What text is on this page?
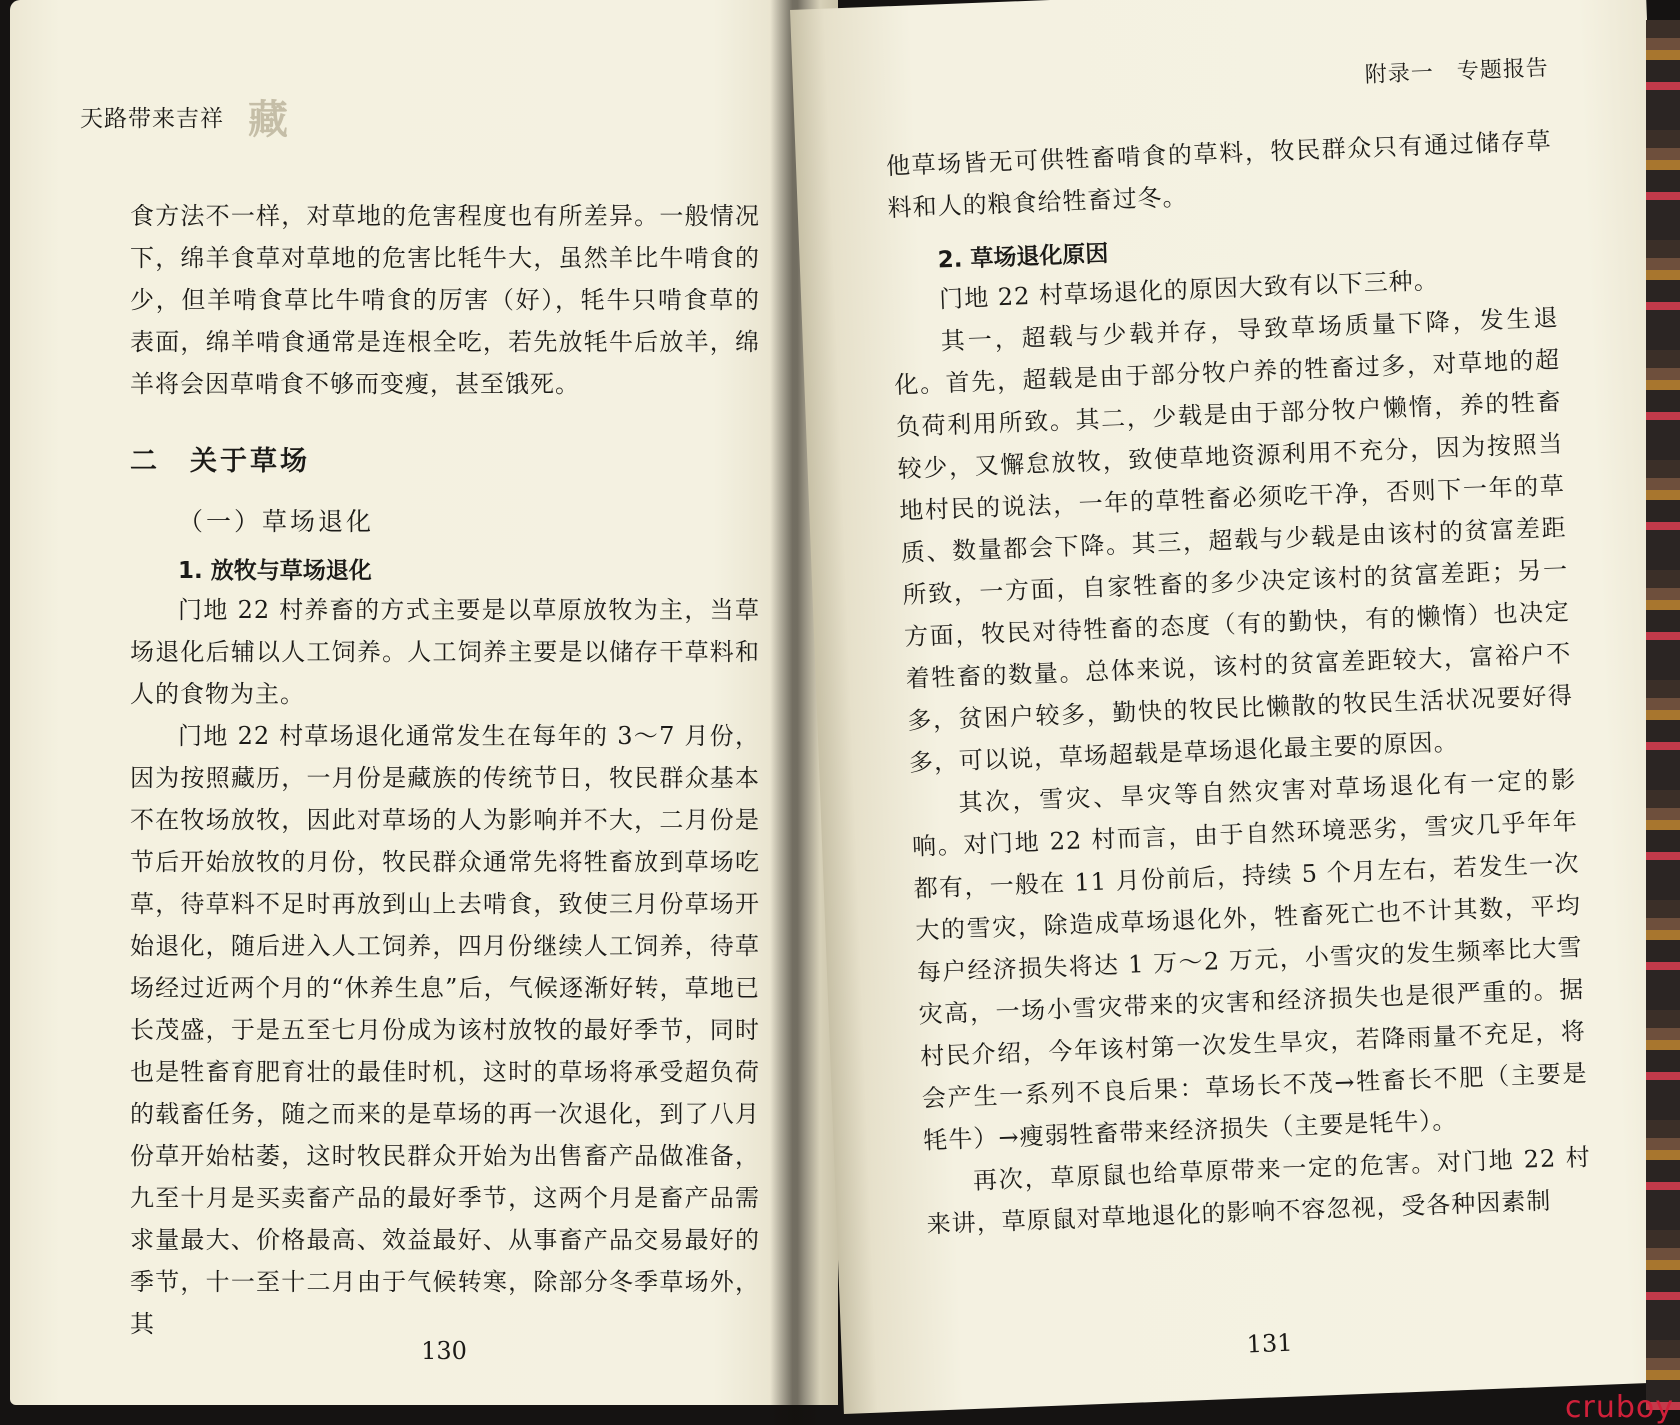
天路带来吉祥 藏

食方法不一样，对草地的危害程度也有所差异。一般情况下，绵羊食草对草地的危害比牦牛大，虽然羊比牛啃食的少，但羊啃食草比牛啃食的厉害（好），牦牛只啃食草的表面，绵羊啃食通常是连根全吃，若先放牦牛后放羊，绵羊将会因草啃食不够而变瘦，甚至饿死。

二　关于草场
（一）草场退化
1. 放牧与草场退化

门地 22 村养畜的方式主要是以草原放牧为主，当草场退化后辅以人工饲养。人工饲养主要是以储存干草料和人的食物为主。

门地 22 村草场退化通常发生在每年的 3～7 月份，因为按照藏历，一月份是藏族的传统节日，牧民群众基本不在牧场放牧，因此对草场的人为影响并不大，二月份是节后开始放牧的月份，牧民群众通常先将牲畜放到草场吃草，待草料不足时再放到山上去啃食，致使三月份草场开始退化，随后进入人工饲养，四月份继续人工饲养，待草场经过近两个月的“休养生息”后，气候逐渐好转，草地已长茂盛，于是五至七月份成为该村放牧的最好季节，同时也是牲畜育肥育壮的最佳时机，这时的草场将承受超负荷的载畜任务，随之而来的是草场的再一次退化，到了八月份草开始枯萎，这时牧民群众开始为出售畜产品做准备，九至十月是买卖畜产品的最好季节，这两个月是畜产品需求量最大、价格最高、效益最好、从事畜产品交易最好的季节，十一至十二月由于气候转寒，除部分冬季草场外，其

130
附录一　专题报告

他草场皆无可供牲畜啃食的草料，牧民群众只有通过储存草料和人的粮食给牲畜过冬。

2. 草场退化原因

门地 22 村草场退化的原因大致有以下三种。

其一，超载与少载并存，导致草场质量下降，发生退化。首先，超载是由于部分牧户养的牲畜过多，对草地的超负荷利用所致。其二，少载是由于部分牧户懒惰，养的牲畜较少，又懈怠放牧，致使草地资源利用不充分，因为按照当地村民的说法，一年的草牲畜必须吃干净，否则下一年的草质、数量都会下降。其三，超载与少载是由该村的贫富差距所致，一方面，自家牲畜的多少决定该村的贫富差距；另一方面，牧民对待牲畜的态度（有的勤快，有的懒惰）也决定着牲畜的数量。总体来说，该村的贫富差距较大，富裕户不多，贫困户较多，勤快的牧民比懒散的牧民生活状况要好得多，可以说，草场超载是草场退化最主要的原因。

其次，雪灾、旱灾等自然灾害对草场退化有一定的影响。对门地 22 村而言，由于自然环境恶劣，雪灾几乎年年都有，一般在 11 月份前后，持续 5 个月左右，若发生一次大的雪灾，除造成草场退化外，牲畜死亡也不计其数，平均每户经济损失将达 1 万～2 万元，小雪灾的发生频率比大雪灾高，一场小雪灾带来的灾害和经济损失也是很严重的。据村民介绍，今年该村第一次发生旱灾，若降雨量不充足，将会产生一系列不良后果：草场长不茂→牲畜长不肥（主要是牦牛）→瘦弱牲畜带来经济损失（主要是牦牛）。

再次，草原鼠也给草原带来一定的危害。对门地 22 村来讲，草原鼠对草地退化的影响不容忽视，受各种因素制

131
cruboy
